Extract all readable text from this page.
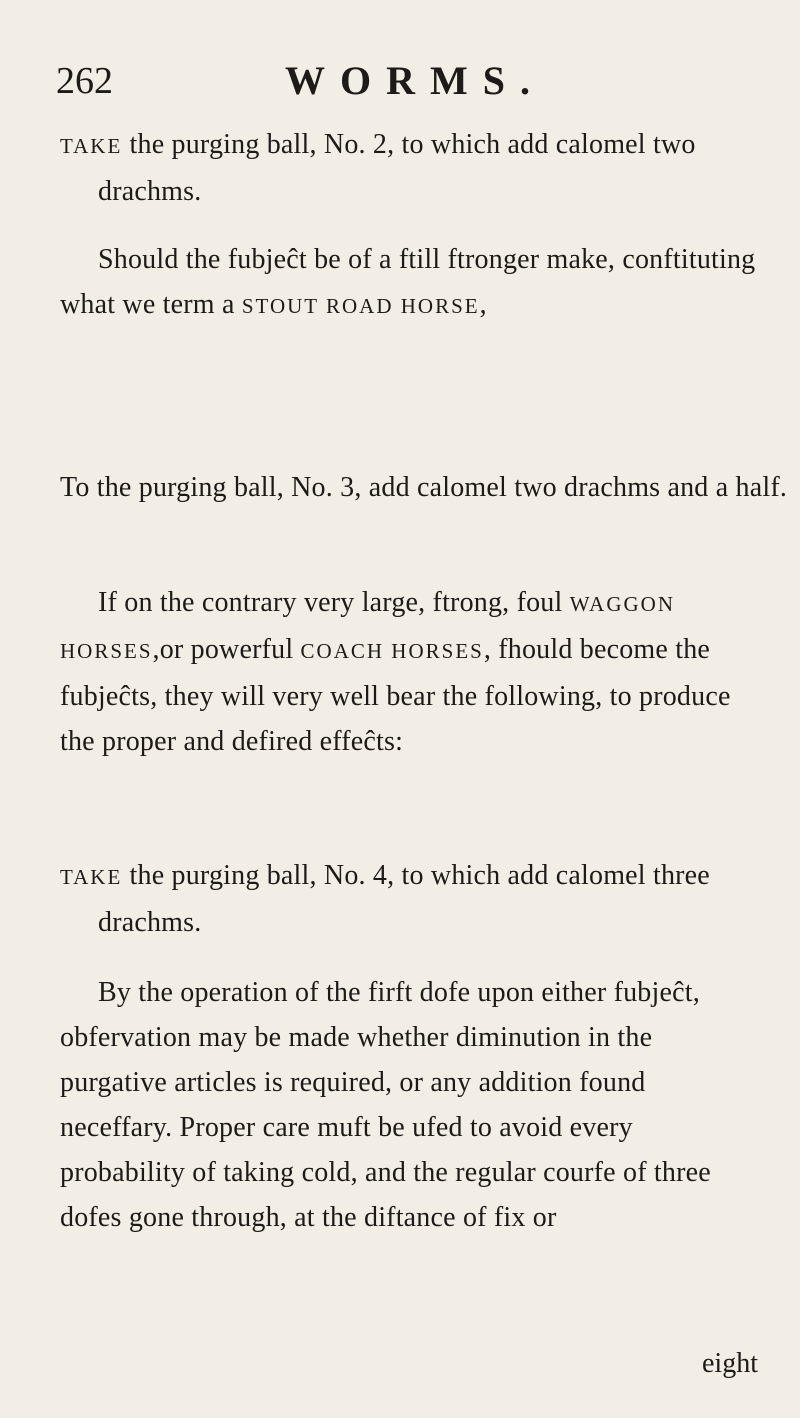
262	WORMS.

TAKE the purging ball, No. 2, to which add calomel two drachms.

Should the fubjeĉt be of a ftill ftronger make, conftituting what we term a STOUT ROAD HORSE,

To the purging ball, No. 3, add calomel two drachms and a half.

If on the contrary very large, ftrong, foul WAGGON HORSES,or powerful COACH HORSES, fhould become the fubjeĉts, they will very well bear the following, to produce the proper and defired effeĉts:

TAKE the purging ball, No. 4, to which add calomel three drachms.

By the operation of the firft dofe upon either fubjeĉt, obfervation may be made whether diminution in the purgative articles is required, or any addition found neceffary. Proper care muft be ufed to avoid every probability of taking cold, and the regular courfe of three dofes gone through, at the diftance of fix or

eight
